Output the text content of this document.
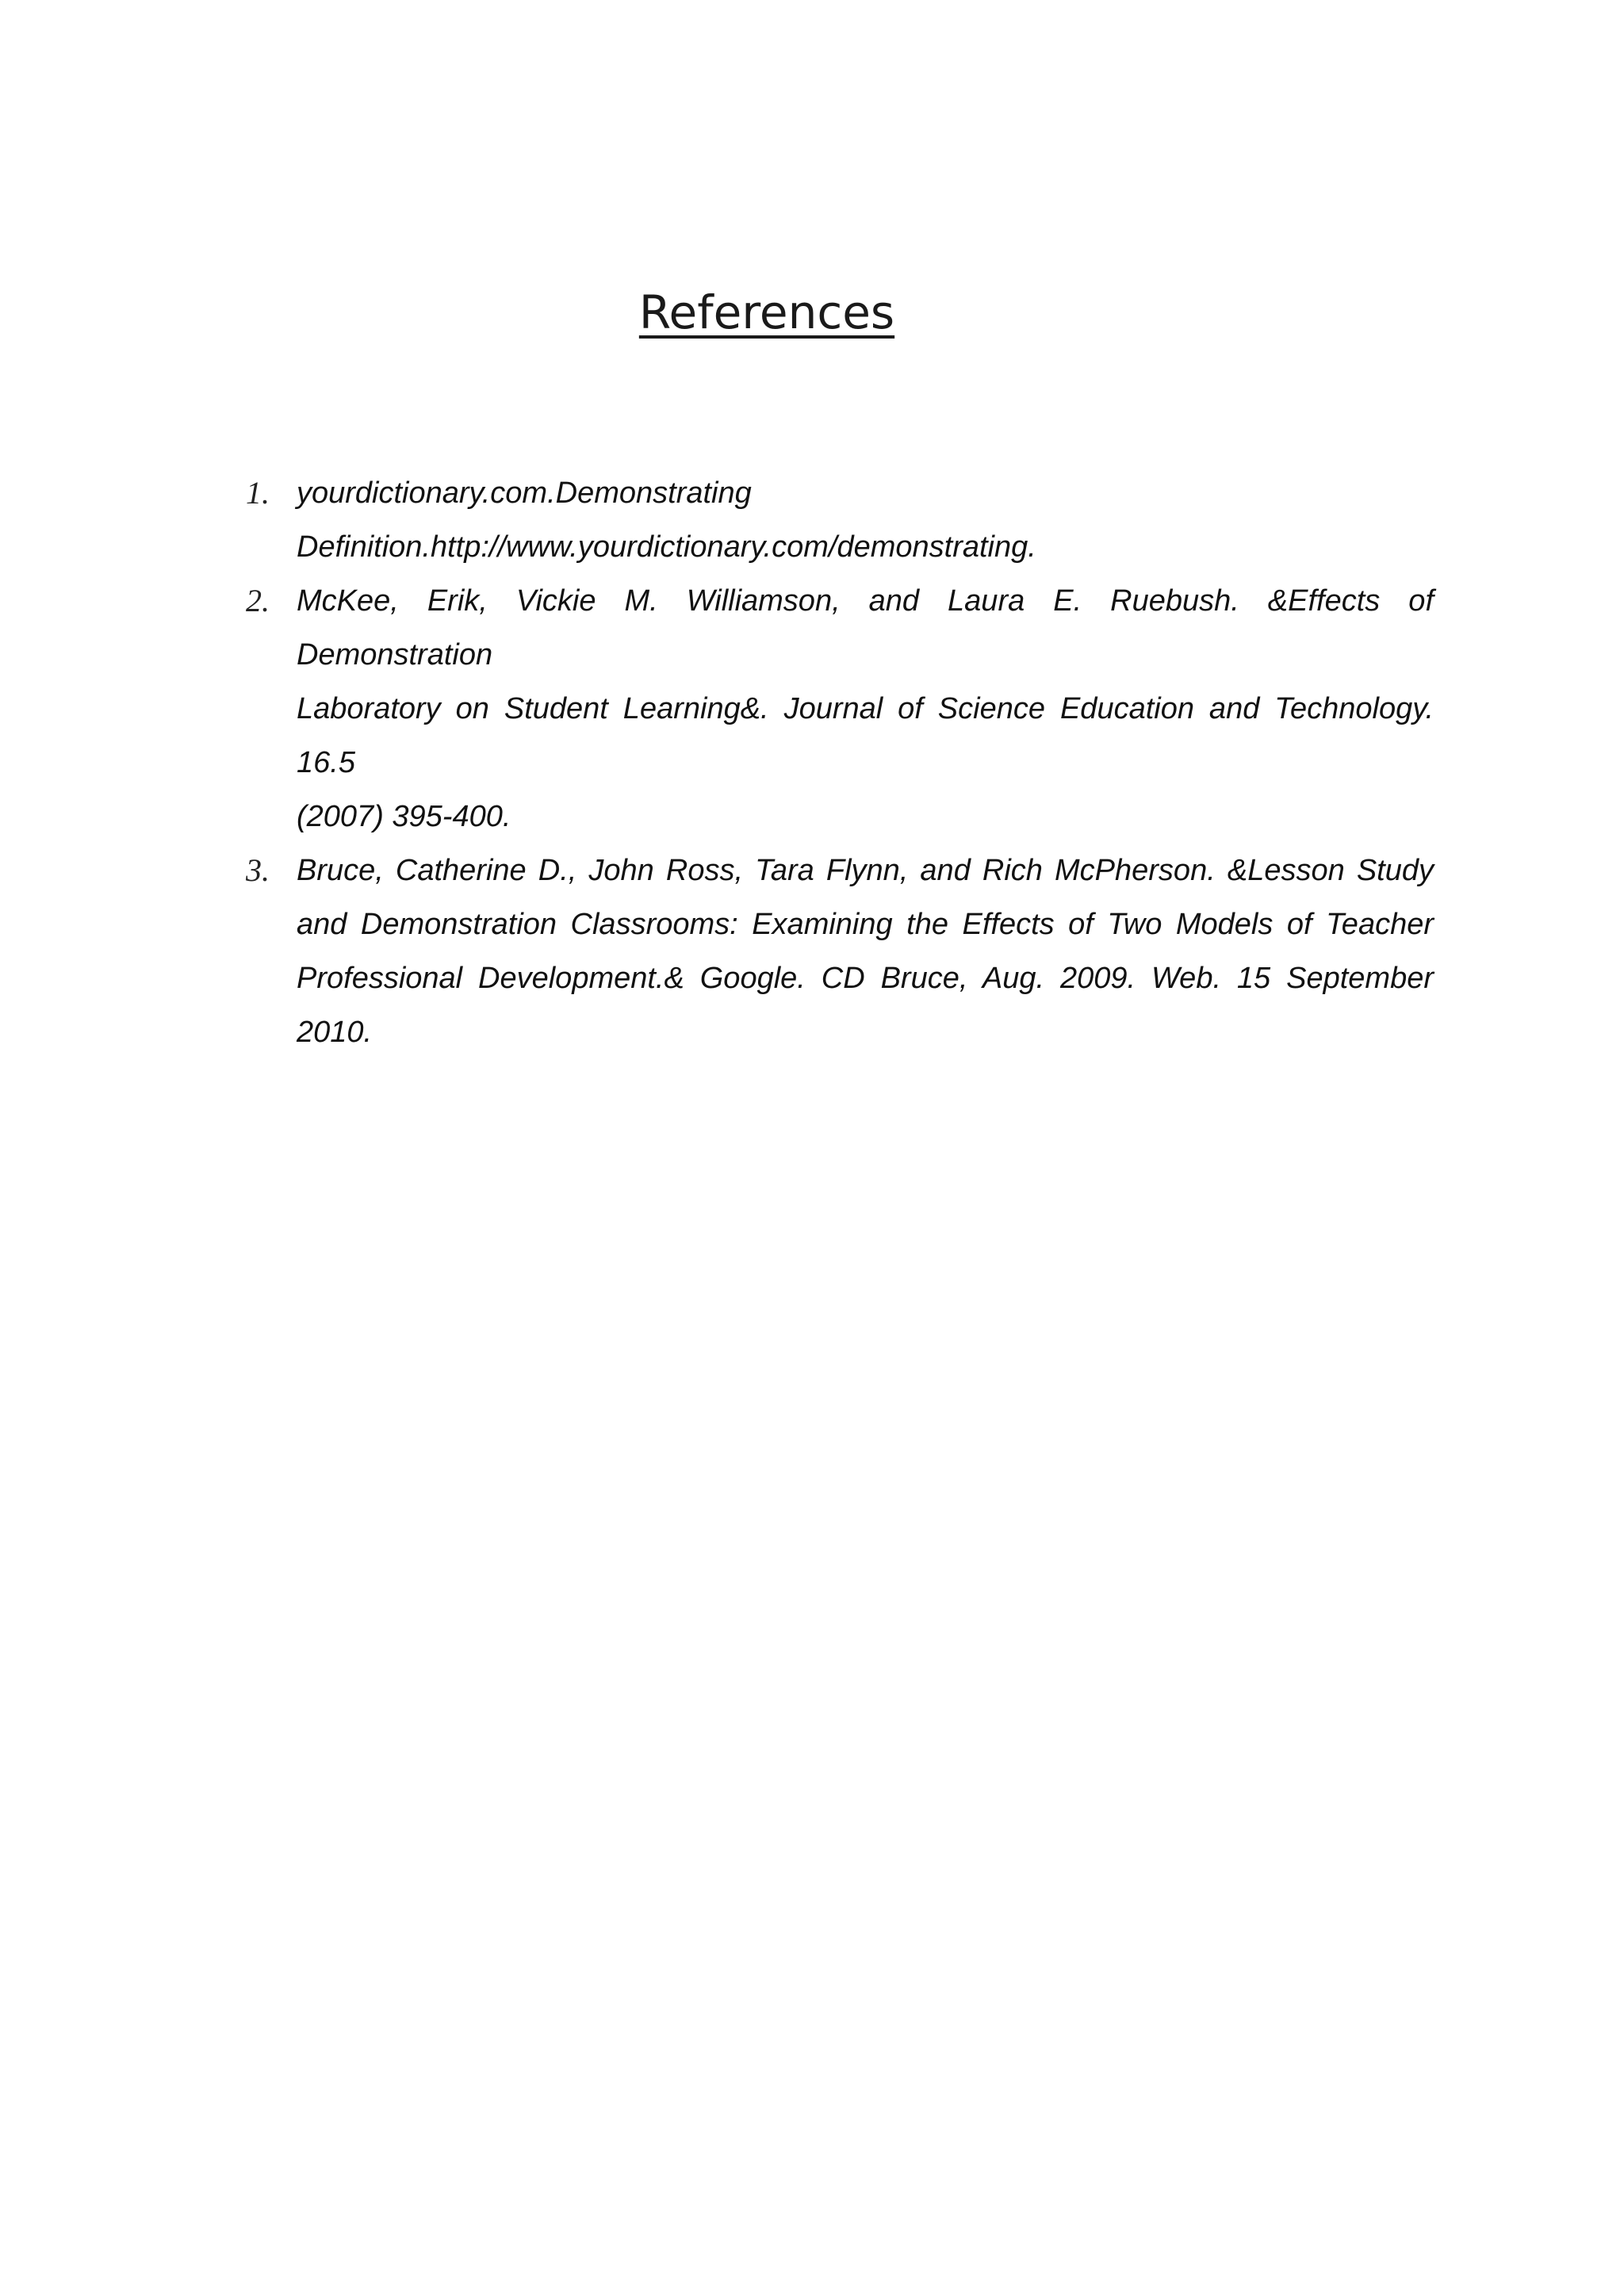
References
1. yourdictionary.com.Demonstrating
Definition.http://www.yourdictionary.com/demonstrating.
2. McKee, Erik, Vickie M. Williamson, and Laura E. Ruebush. &Effects of Demonstration
Laboratory on Student Learning&. Journal of Science Education and Technology. 16.5
(2007) 395-400.
3. Bruce, Catherine D., John Ross, Tara Flynn, and Rich McPherson. &Lesson Study
and Demonstration Classrooms: Examining the Effects of Two Models of Teacher
Professional Development.& Google. CD Bruce, Aug. 2009. Web. 15 September 2010.
